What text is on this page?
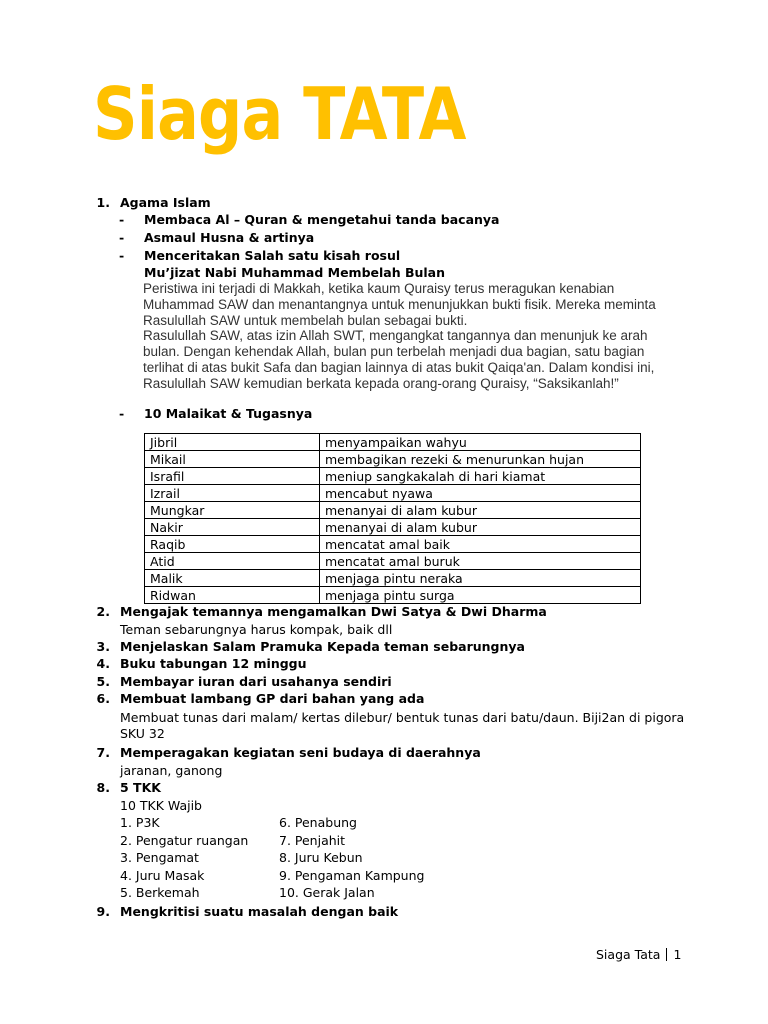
Siaga TATA
1. Agama Islam
- Membaca Al – Quran & mengetahui tanda bacanya
- Asmaul Husna & artinya
- Menceritakan Salah satu kisah rosul
Mu’jizat Nabi Muhammad Membelah Bulan

Peristiwa ini terjadi di Makkah, ketika kaum Quraisy terus meragukan kenabian Muhammad SAW dan menantangnya untuk menunjukkan bukti fisik. Mereka meminta Rasulullah SAW untuk membelah bulan sebagai bukti.

Rasulullah SAW, atas izin Allah SWT, mengangkat tangannya dan menunjuk ke arah bulan. Dengan kehendak Allah, bulan pun terbelah menjadi dua bagian, satu bagian terlihat di atas bukit Safa dan bagian lainnya di atas bukit Qaiqa'an. Dalam kondisi ini, Rasulullah SAW kemudian berkata kepada orang-orang Quraisy, “Saksikanlah!”

- 10 Malaikat & Tugasnya
Jibril	menyampaikan wahyu
Mikail	membagikan rezeki & menurunkan hujan
Israfil	meniup sangkakalah di hari kiamat
Izrail	mencabut nyawa
Mungkar	menanyai di alam kubur
Nakir	menanyai di alam kubur
Raqib	mencatat amal baik
Atid	mencatat amal buruk
Malik	menjaga pintu neraka
Ridwan	menjaga pintu surga
2. Mengajak temannya mengamalkan Dwi Satya & Dwi Dharma
Teman sebarungnya harus kompak, baik dll
3. Menjelaskan Salam Pramuka Kepada teman sebarungnya
4. Buku tabungan 12 minggu
5. Membayar iuran dari usahanya sendiri
6. Membuat lambang GP dari bahan yang ada
Membuat tunas dari malam/ kertas dilebur/ bentuk tunas dari batu/daun. Biji2an di pigora
SKU 32
7. Memperagakan kegiatan seni budaya di daerahnya
jaranan, ganong
8. 5 TKK
10 TKK Wajib
1. P3K
2. Pengatur ruangan
3. Pengamat
4. Juru Masak
5. Berkemah
6. Penabung
7. Penjahit
8. Juru Kebun
9. Pengaman Kampung
10. Gerak Jalan
9. Mengkritisi suatu masalah dengan baik
Siaga Tata 1
